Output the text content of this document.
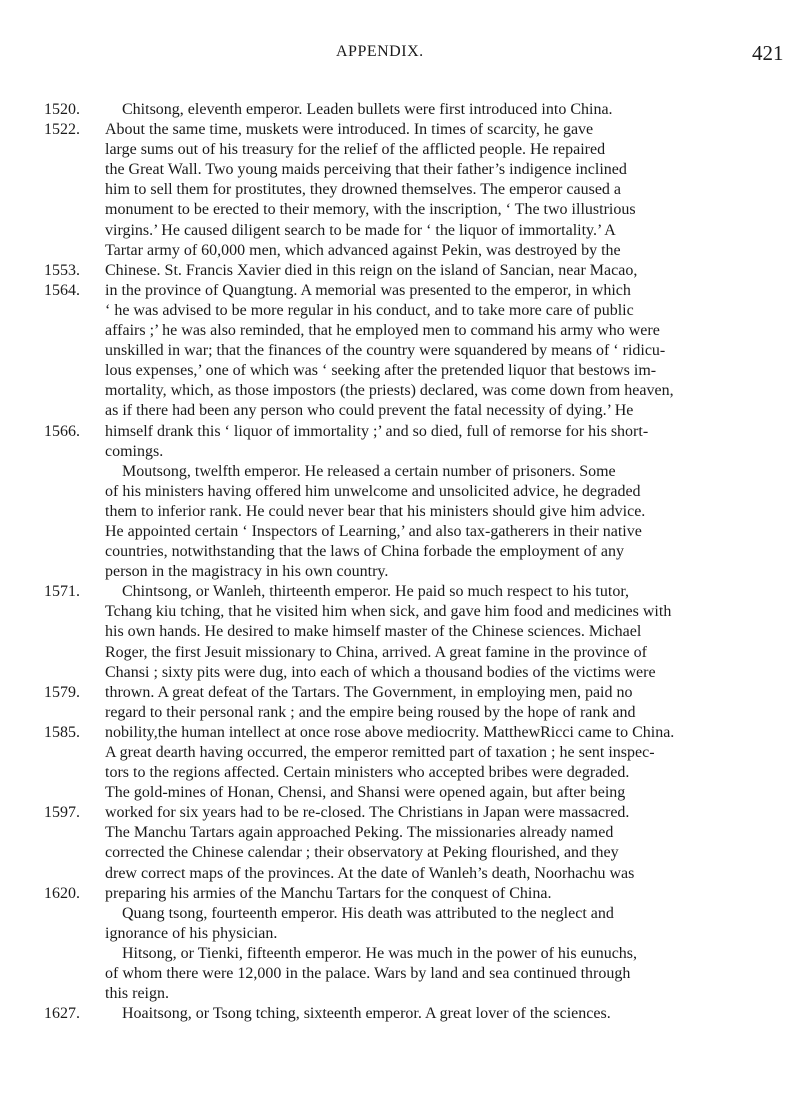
APPENDIX.	421
1520.	Chitsong, eleventh emperor. Leaden bullets were first introduced into China.
1522. About the same time, muskets were introduced. In times of scarcity, he gave
large sums out of his treasury for the relief of the afflicted people. He repaired
the Great Wall. Two young maids perceiving that their father’s indigence inclined
him to sell them for prostitutes, they drowned themselves. The emperor caused a
monument to be erected to their memory, with the inscription, ‘ The two illustrious
virgins.’ He caused diligent search to be made for ‘ the liquor of immortality.’ A
Tartar army of 60,000 men, which advanced against Pekin, was destroyed by the
1553. Chinese. St. Francis Xavier died in this reign on the island of Sancian, near Macao,
1564. in the province of Quangtung. A memorial was presented to the emperor, in which
‘ he was advised to be more regular in his conduct, and to take more care of public
affairs ;’ he was also reminded, that he employed men to command his army who were
unskilled in war; that the finances of the country were squandered by means of ‘ ridicu-
lous expenses,’ one of which was ‘ seeking after the pretended liquor that bestows im-
mortality, which, as those impostors (the priests) declared, was come down from heaven,
as if there had been any person who could prevent the fatal necessity of dying.’ He
1566. himself drank this ‘ liquor of immortality ;’ and so died, full of remorse for his short-
comings.
Moutsong, twelfth emperor. He released a certain number of prisoners. Some
of his ministers having offered him unwelcome and unsolicited advice, he degraded
them to inferior rank. He could never bear that his ministers should give him advice.
He appointed certain ‘ Inspectors of Learning,’ and also tax-gatherers in their native
countries, notwithstanding that the laws of China forbade the employment of any
person in the magistracy in his own country.
1571.	Chintsong, or Wanleh, thirteenth emperor. He paid so much respect to his tutor,
Tchang kiu tching, that he visited him when sick, and gave him food and medicines with
his own hands. He desired to make himself master of the Chinese sciences. Michael
Roger, the first Jesuit missionary to China, arrived. A great famine in the province of
Chansi ; sixty pits were dug, into each of which a thousand bodies of the victims were
1579. thrown. A great defeat of the Tartars. The Government, in employing men, paid no
regard to their personal rank ; and the empire being roused by the hope of rank and
1585. nobility,the human intellect at once rose above mediocrity. MatthewRicci came to China.
A great dearth having occurred, the emperor remitted part of taxation ; he sent inspec-
tors to the regions affected. Certain ministers who accepted bribes were degraded.
The gold-mines of Honan, Chensi, and Shansi were opened again, but after being
1597. worked for six years had to be re-closed. The Christians in Japan were massacred.
The Manchu Tartars again approached Peking. The missionaries already named
corrected the Chinese calendar ; their observatory at Peking flourished, and they
drew correct maps of the provinces. At the date of Wanleh’s death, Noorhachu was
1620. preparing his armies of the Manchu Tartars for the conquest of China.
Quang tsong, fourteenth emperor. His death was attributed to the neglect and
ignorance of his physician.
Hitsong, or Tienki, fifteenth emperor. He was much in the power of his eunuchs,
of whom there were 12,000 in the palace. Wars by land and sea continued through
this reign.
1627.	Hoaitsong, or Tsong tching, sixteenth emperor. A great lover of the sciences.
